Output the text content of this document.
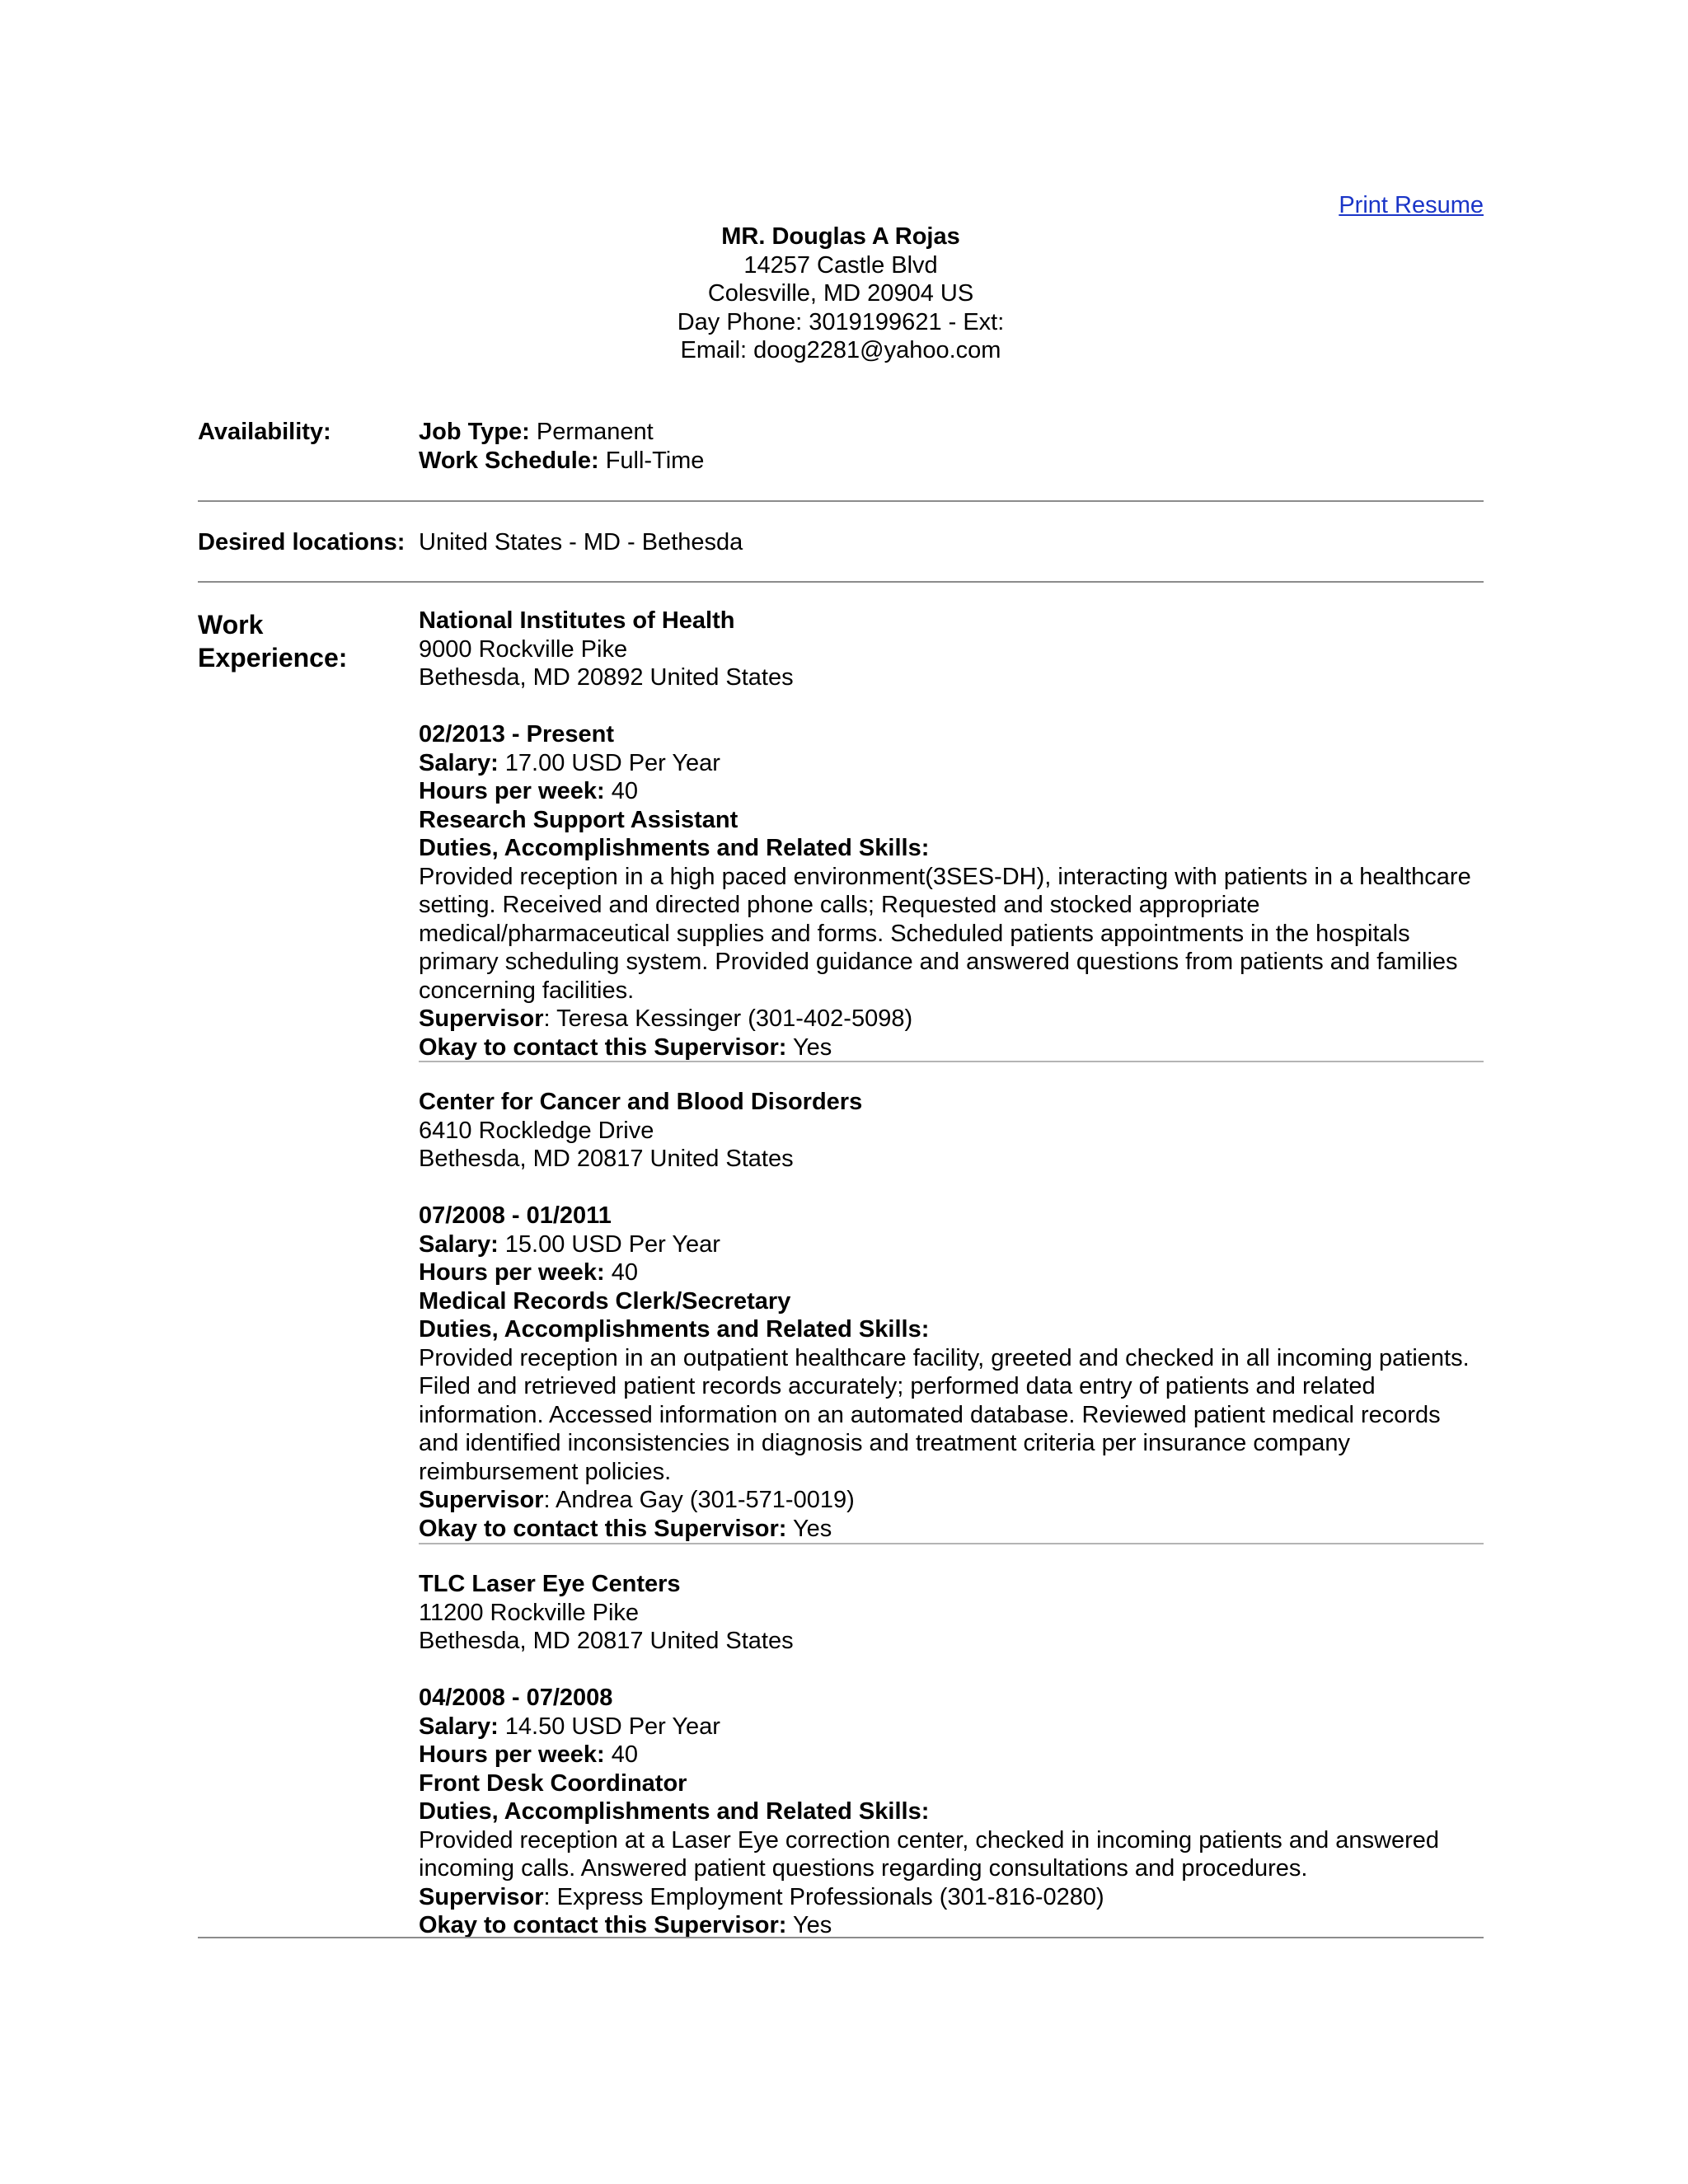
Print Resume
MR. Douglas A Rojas
14257 Castle Blvd
Colesville, MD 20904 US
Day Phone: 3019199621 - Ext:
Email: doog2281@yahoo.com
Availability:	Job Type: Permanent
Work Schedule: Full-Time
Desired locations: United States - MD - Bethesda
Work
Experience:
National Institutes of Health
9000 Rockville Pike
Bethesda, MD 20892 United States
02/2013 - Present
Salary: 17.00 USD Per Year
Hours per week: 40
Research Support Assistant
Duties, Accomplishments and Related Skills:

Provided reception in a high paced environment(3SES-DH), interacting with patients in a healthcare setting. Received and directed phone calls; Requested and stocked appropriate medical/pharmaceutical supplies and forms. Scheduled patients appointments in the hospitals primary scheduling system. Provided guidance and answered questions from patients and families concerning facilities.

Supervisor: Teresa Kessinger (301-402-5098)
Okay to contact this Supervisor: Yes
Center for Cancer and Blood Disorders
6410 Rockledge Drive
Bethesda, MD 20817 United States
07/2008 - 01/2011
Salary: 15.00 USD Per Year
Hours per week: 40
Medical Records Clerk/Secretary
Duties, Accomplishments and Related Skills:

Provided reception in an outpatient healthcare facility, greeted and checked in all incoming patients. Filed and retrieved patient records accurately; performed data entry of patients and related information. Accessed information on an automated database. Reviewed patient medical records and identified inconsistencies in diagnosis and treatment criteria per insurance company reimbursement policies.

Supervisor: Andrea Gay (301-571-0019)
Okay to contact this Supervisor: Yes
TLC Laser Eye Centers
11200 Rockville Pike
Bethesda, MD 20817 United States
04/2008 - 07/2008
Salary: 14.50 USD Per Year
Hours per week: 40
Front Desk Coordinator
Duties, Accomplishments and Related Skills:

Provided reception at a Laser Eye correction center, checked in incoming patients and answered incoming calls. Answered patient questions regarding consultations and procedures.

Supervisor: Express Employment Professionals (301-816-0280)
Okay to contact this Supervisor: Yes
